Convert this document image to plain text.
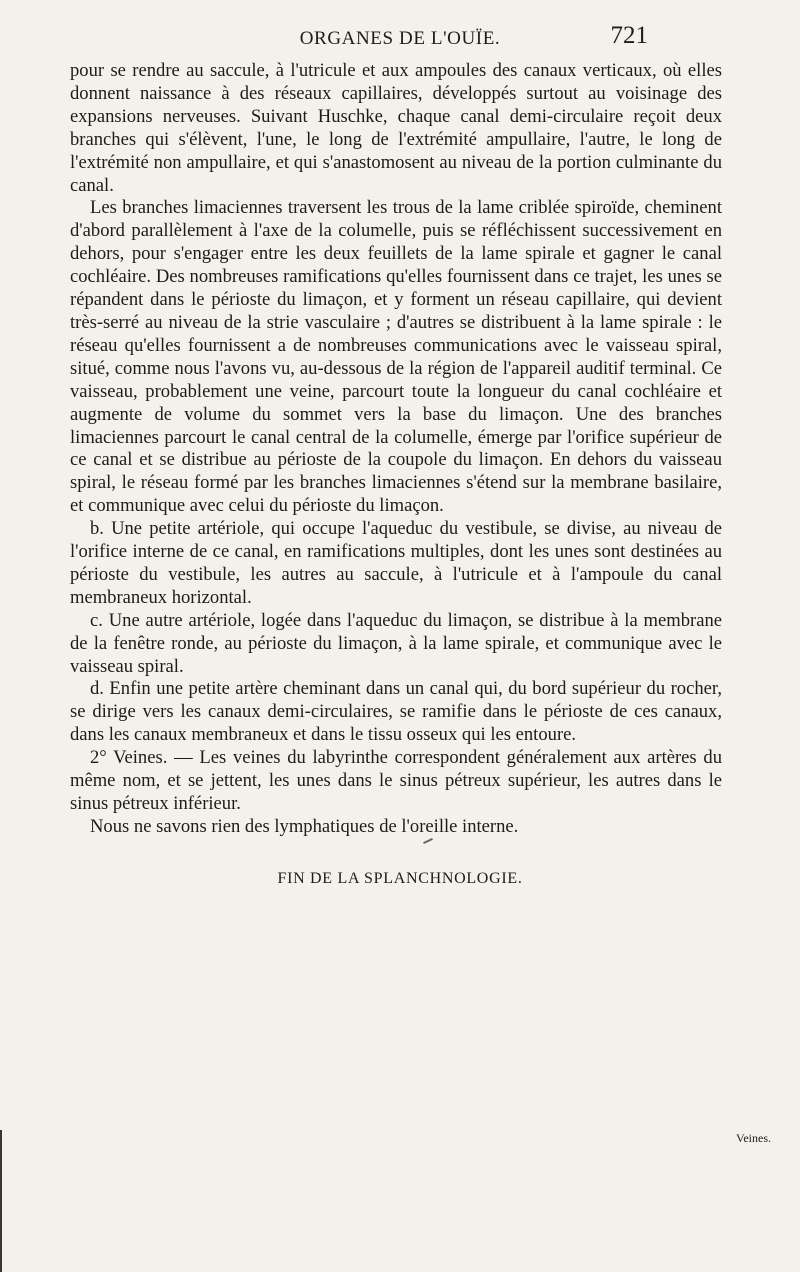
ORGANES DE L'OUÏE.	721

pour se rendre au saccule, à l'utricule et aux ampoules des canaux verticaux, où elles donnent naissance à des réseaux capillaires, développés surtout au voisinage des expansions nerveuses. Suivant Huschke, chaque canal demi-circulaire reçoit deux branches qui s'élèvent, l'une, le long de l'extrémité ampullaire, l'autre, le long de l'extrémité non ampullaire, et qui s'anastomosent au niveau de la portion culminante du canal.

Les branches limaciennes traversent les trous de la lame criblée spiroïde, cheminent d'abord parallèlement à l'axe de la columelle, puis se réfléchissent successivement en dehors, pour s'engager entre les deux feuillets de la lame spirale et gagner le canal cochléaire. Des nombreuses ramifications qu'elles fournissent dans ce trajet, les unes se répandent dans le périoste du limaçon, et y forment un réseau capillaire, qui devient très-serré au niveau de la strie vasculaire ; d'autres se distribuent à la lame spirale : le réseau qu'elles fournissent a de nombreuses communications avec le vaisseau spiral, situé, comme nous l'avons vu, au-dessous de la région de l'appareil auditif terminal. Ce vaisseau, probablement une veine, parcourt toute la longueur du canal cochléaire et augmente de volume du sommet vers la base du limaçon. Une des branches limaciennes parcourt le canal central de la columelle, émerge par l'orifice supérieur de ce canal et se distribue au périoste de la coupole du limaçon. En dehors du vaisseau spiral, le réseau formé par les branches limaciennes s'étend sur la membrane basilaire, et communique avec celui du périoste du limaçon.

b. Une petite artériole, qui occupe l'aqueduc du vestibule, se divise, au niveau de l'orifice interne de ce canal, en ramifications multiples, dont les unes sont destinées au périoste du vestibule, les autres au saccule, à l'utricule et à l'ampoule du canal membraneux horizontal.

c. Une autre artériole, logée dans l'aqueduc du limaçon, se distribue à la membrane de la fenêtre ronde, au périoste du limaçon, à la lame spirale, et communique avec le vaisseau spiral.

d. Enfin une petite artère cheminant dans un canal qui, du bord supérieur du rocher, se dirige vers les canaux demi-circulaires, se ramifie dans le périoste de ces canaux, dans les canaux membraneux et dans le tissu osseux qui les entoure.

2° Veines. — Les veines du labyrinthe correspondent généralement aux artères du même nom, et se jettent, les unes dans le sinus pétreux supérieur, les autres dans le sinus pétreux inférieur.

Nous ne savons rien des lymphatiques de l'oreille interne.

Veines.
FIN DE LA SPLANCHNOLOGIE.
